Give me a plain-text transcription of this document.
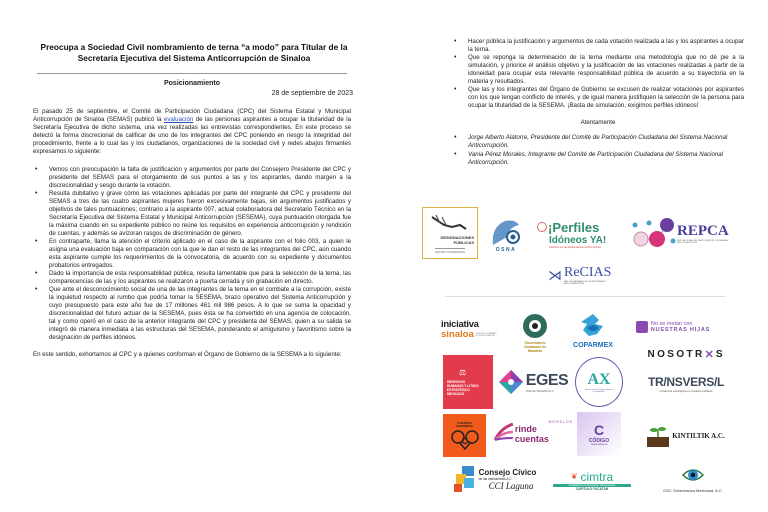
Preocupa a Sociedad Civil nombramiento de terna “a modo” para Titular de la Secretaría Ejecutiva del Sistema Anticorrupción de Sinaloa
Posicionamiento
28 de septiembre de 2023

El pasado 25 de septiembre, el Comité de Participación Ciudadana (CPC) del Sistema Estatal y Municipal Anticorrupción de Sinaloa (SEMAS) publicó la evaluación de las personas aspirantes a ocupar la titularidad de la Secretaría Ejecutiva de dicho sistema, una vez realizadas las entrevistas correspondientes. En este proceso se detectó la forma discrecional de calificar de uno de los integrantes del CPC poniendo en riesgo la integridad del procedimiento, frente a lo cual las y los ciudadanos, organizaciones de la sociedad civil y redes abajos firmantes expresamos lo siguiente:

• Vemos con preocupación la falta de justificación y argumentos por parte del Consejero Presidente del CPC y presidente del SEMAS para el otorgamiento de sus puntos a las y los aspirantes, dando margen a la discrecionalidad y sesgo durante la votación.
• Resulta dubitativo y grave cómo las votaciones aplicadas por parte del integrante del CPC y presidente del SEMAS a tres de las cuatro aspirantes mujeres fueron excesivamente bajas, sin argumentos justificados y objetivos de tales puntuaciones; contrario a la aspirante 007, actual colaboradora del Secretario Técnico en la Secretaría Ejecutiva del Sistema Estatal y Municipal Anticorrupción (SESEMA), cuya puntuación otorgada fue la máxima cuando en su expediente público no reúne los requisitos en experiencia anticorrupción y rendición de cuentas, y además se avizoran rasgos de discriminación de género.
• En contraparte, llama la atención el criterio aplicado en el caso de la aspirante con el folio 003, a quien le asigna una evaluación baja en comparación con la que le dan el resto de las integrantes del CPC, aún cuando esta aspirante cumple los requerimientos de la convocatoria, de acuerdo con su expediente y documentos probatorios entregados.
• Dado la importancia de esta responsabilidad pública, resulta lamentable que para la selección de la terna, las comparecencias de las y los aspirantes se realizaron a puerta cerrada y sin grabación en directo.
• Que ante el desconocimiento social de una de las integrantes de la terna en el combate a la corrupción, existe la inquietud respecto al rumbo que podría tomar la SESEMA, brazo operativo del Sistema Anticorrupción y cuyo presupuesto para este año fue de 17 millones 461 mil 986 pesos. A lo que se suma la opacidad y discrecionalidad del futuro actuar de la SESEMA, pues ésta se ha convertido en una agencia de colocación, tal y como operó en el caso de la anterior integrante del CPC y presidenta del SEMAS, quien a su salida se integró de manera inmediata a las estructuras del SESEMA, ponderando el amiguismo y favoritismo sobre la designación de perfiles idóneos.

En este sentido, exhortamos al CPC y a quienes conforman el Órgano de Gobierno de la SESEMA a lo siguiente:

• Hacer pública la justificación y argumentos de cada votación realizada a las y los aspirantes a ocupar la terna.
• Que se reponga la determinación de la terna mediante una metodología que no dé pie a la simulación, y priorice el análisis objetivo y la justificación de las votaciones realizadas a partir de la idoneidad para ocupar esta relevante responsabilidad pública de acuerdo a su trayectoria en la materia y resultados.
• Que las y los integrantes del Órgano de Gobierno se excusen de realizar votaciones por aspirantes con los que tengan conflicto de interés, y de igual manera justifiquen la selección de la persona para ocupar la titularidad de la SESEMA. ¡Basta de simulación, exigimos perfiles idóneos!
Atentamente
• Jorge Alberto Alatorre, Presidente del Comité de Participación Ciudadana del Sistema Nacional Anticorrupción.
• Vania Pérez Morales, Integrante del Comité de Participación Ciudadana del Sistema Nacional Anticorrupción.
DESIGNACIONES PÚBLICAS
GRUPO CIUDADANO	OSNA
¡Perfiles
Idóneos YA!
Colectivo por las Designaciones Anticorrupción
REPCA
RED NACIONAL DE PARTICIPACIÓN CIUDADANA ANTICORRUPCIÓN
⋊ ReCIAS
RED CIUDADANA POR LA INTEGRIDAD Y ANTICORRUPCIÓN
iniciativa
sinaloa CENTRO CIUDADANO DE INVESTIGACIÓN
Observatorio Ciudadano de Mazatlán
COPARMEX
No se metan con
NUESTRAS HIJAS
NOSOTR ✕ S
⚖
DERECHOS HUMANOS Y LITIGIO ESTRATÉGICO MEXICANO
EGES
PARA EL DESARROLLO
AX
Asociación de Derechos Humanos Xochitépetl A.C.
TR/NSVERS/L
Incidencia estratégica en políticas públicas
SABUESOS GUERRERAS
MORELOS
rinde cuentas
C
CÓDIGO
TRANSPARENCIA
KINTILTIK A.C.
Consejo Cívico
de las Instituciones A.C.
CCI Laguna
❦ cimtra
Ciudadanos por Municipios Transparentes
CAPÍTULO YUCATÁN	OSC Gobernanza Mexicana, A.C.
